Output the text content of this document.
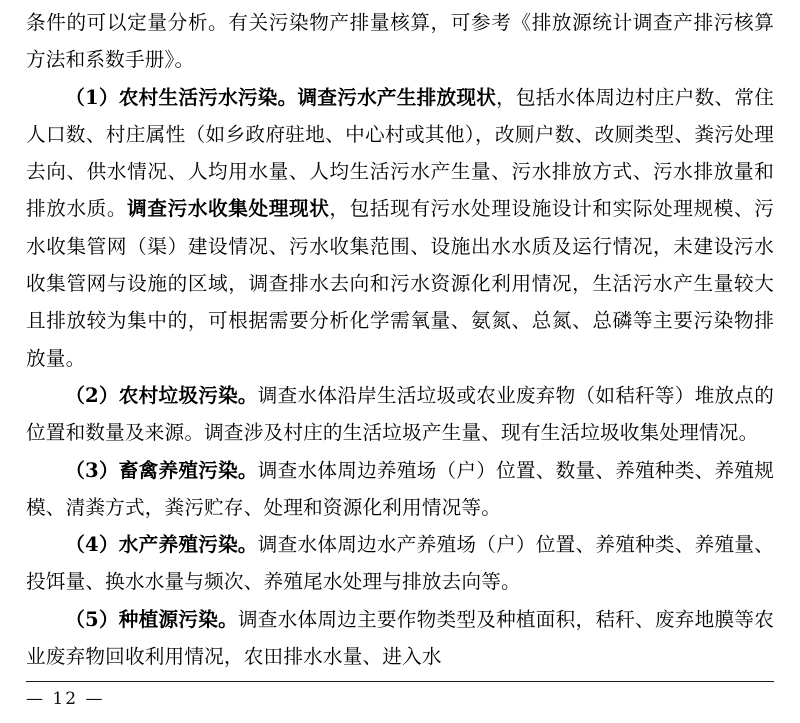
条件的可以定量分析。有关污染物产排量核算，可参考《排放源统计调查产排污核算方法和系数手册》。

（1）农村生活污水污染。调查污水产生排放现状，包括水体周边村庄户数、常住人口数、村庄属性（如乡政府驻地、中心村或其他），改厕户数、改厕类型、粪污处理去向、供水情况、人均用水量、人均生活污水产生量、污水排放方式、污水排放量和排放水质。调查污水收集处理现状，包括现有污水处理设施设计和实际处理规模、污水收集管网（渠）建设情况、污水收集范围、设施出水水质及运行情况，未建设污水收集管网与设施的区域，调查排水去向和污水资源化利用情况，生活污水产生量较大且排放较为集中的，可根据需要分析化学需氧量、氨氮、总氮、总磷等主要污染物排放量。

（2）农村垃圾污染。调查水体沿岸生活垃圾或农业废弃物（如秸秆等）堆放点的位置和数量及来源。调查涉及村庄的生活垃圾产生量、现有生活垃圾收集处理情况。

（3）畜禽养殖污染。调查水体周边养殖场（户）位置、数量、养殖种类、养殖规模、清粪方式，粪污贮存、处理和资源化利用情况等。

（4）水产养殖污染。调查水体周边水产养殖场（户）位置、养殖种类、养殖量、投饵量、换水水量与频次、养殖尾水处理与排放去向等。

（5）种植源污染。调查水体周边主要作物类型及种植面积，秸秆、废弃地膜等农业废弃物回收利用情况，农田排水水量、进入水

— 12 —
